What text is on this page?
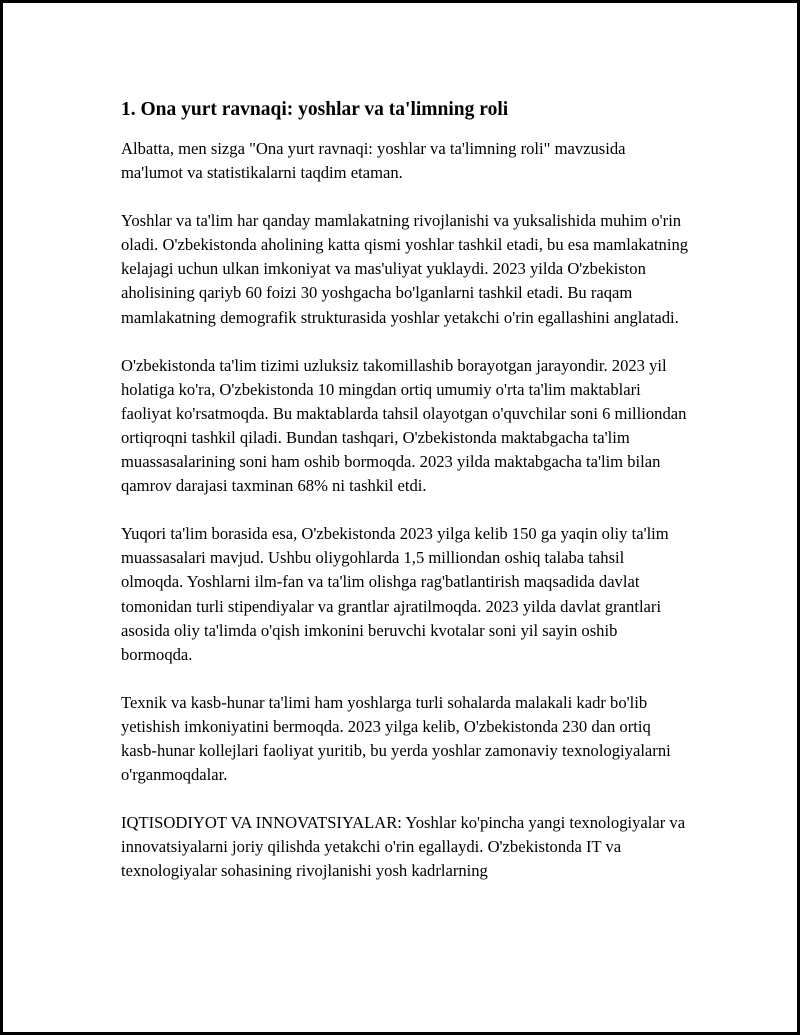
1. Ona yurt ravnaqi: yoshlar va ta'limning roli

Albatta, men sizga "Ona yurt ravnaqi: yoshlar va ta'limning roli" mavzusida ma'lumot va statistikalarni taqdim etaman.

Yoshlar va ta'lim har qanday mamlakatning rivojlanishi va yuksalishida muhim o'rin oladi. O'zbekistonda aholining katta qismi yoshlar tashkil etadi, bu esa mamlakatning kelajagi uchun ulkan imkoniyat va mas'uliyat yuklaydi. 2023 yilda O'zbekiston aholisining qariyb 60 foizi 30 yoshgacha bo'lganlarni tashkil etadi. Bu raqam mamlakatning demografik strukturasida yoshlar yetakchi o'rin egallashini anglatadi.

O'zbekistonda ta'lim tizimi uzluksiz takomillashib borayotgan jarayondir. 2023 yil holatiga ko'ra, O'zbekistonda 10 mingdan ortiq umumiy o'rta ta'lim maktablari faoliyat ko'rsatmoqda. Bu maktablarda tahsil olayotgan o'quvchilar soni 6 milliondan ortiqroqni tashkil qiladi. Bundan tashqari, O'zbekistonda maktabgacha ta'lim muassasalarining soni ham oshib bormoqda. 2023 yilda maktabgacha ta'lim bilan qamrov darajasi taxminan 68% ni tashkil etdi.

Yuqori ta'lim borasida esa, O'zbekistonda 2023 yilga kelib 150 ga yaqin oliy ta'lim muassasalari mavjud. Ushbu oliygohlarda 1,5 milliondan oshiq talaba tahsil olmoqda. Yoshlarni ilm-fan va ta'lim olishga rag'batlantirish maqsadida davlat tomonidan turli stipendiyalar va grantlar ajratilmoqda. 2023 yilda davlat grantlari asosida oliy ta'limda o'qish imkonini beruvchi kvotalar soni yil sayin oshib bormoqda.

Texnik va kasb-hunar ta'limi ham yoshlarga turli sohalarda malakali kadr bo'lib yetishish imkoniyatini bermoqda. 2023 yilga kelib, O'zbekistonda 230 dan ortiq kasb-hunar kollejlari faoliyat yuritib, bu yerda yoshlar zamonaviy texnologiyalarni o'rganmoqdalar.

IQTISODIYOT VA INNOVATSIYALAR: Yoshlar ko'pincha yangi texnologiyalar va innovatsiyalarni joriy qilishda yetakchi o'rin egallaydi. O'zbekistonda IT va texnologiyalar sohasining rivojlanishi yosh kadrlarning
